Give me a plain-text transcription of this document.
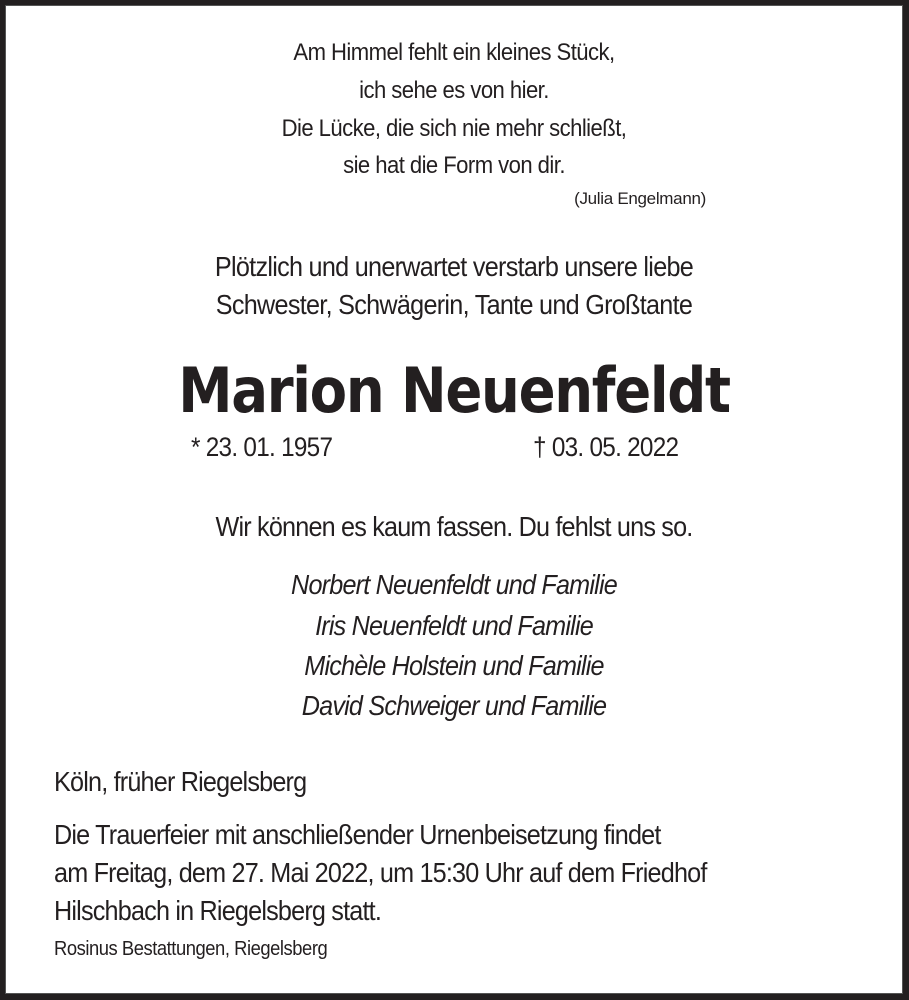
Am Himmel fehlt ein kleines Stück,
ich sehe es von hier.
Die Lücke, die sich nie mehr schließt,
sie hat die Form von dir.
(Julia Engelmann)
Plötzlich und unerwartet verstarb unsere liebe
Schwester, Schwägerin, Tante und Großtante
Marion Neuenfeldt
* 23. 01. 1957	† 03. 05. 2022
Wir können es kaum fassen. Du fehlst uns so.
Norbert Neuenfeldt und Familie
Iris Neuenfeldt und Familie
Michèle Holstein und Familie
David Schweiger und Familie
Köln, früher Riegelsberg
Die Trauerfeier mit anschließender Urnenbeisetzung findet
am Freitag, dem 27. Mai 2022, um 15:30 Uhr auf dem Friedhof
Hilschbach in Riegelsberg statt.
Rosinus Bestattungen, Riegelsberg
